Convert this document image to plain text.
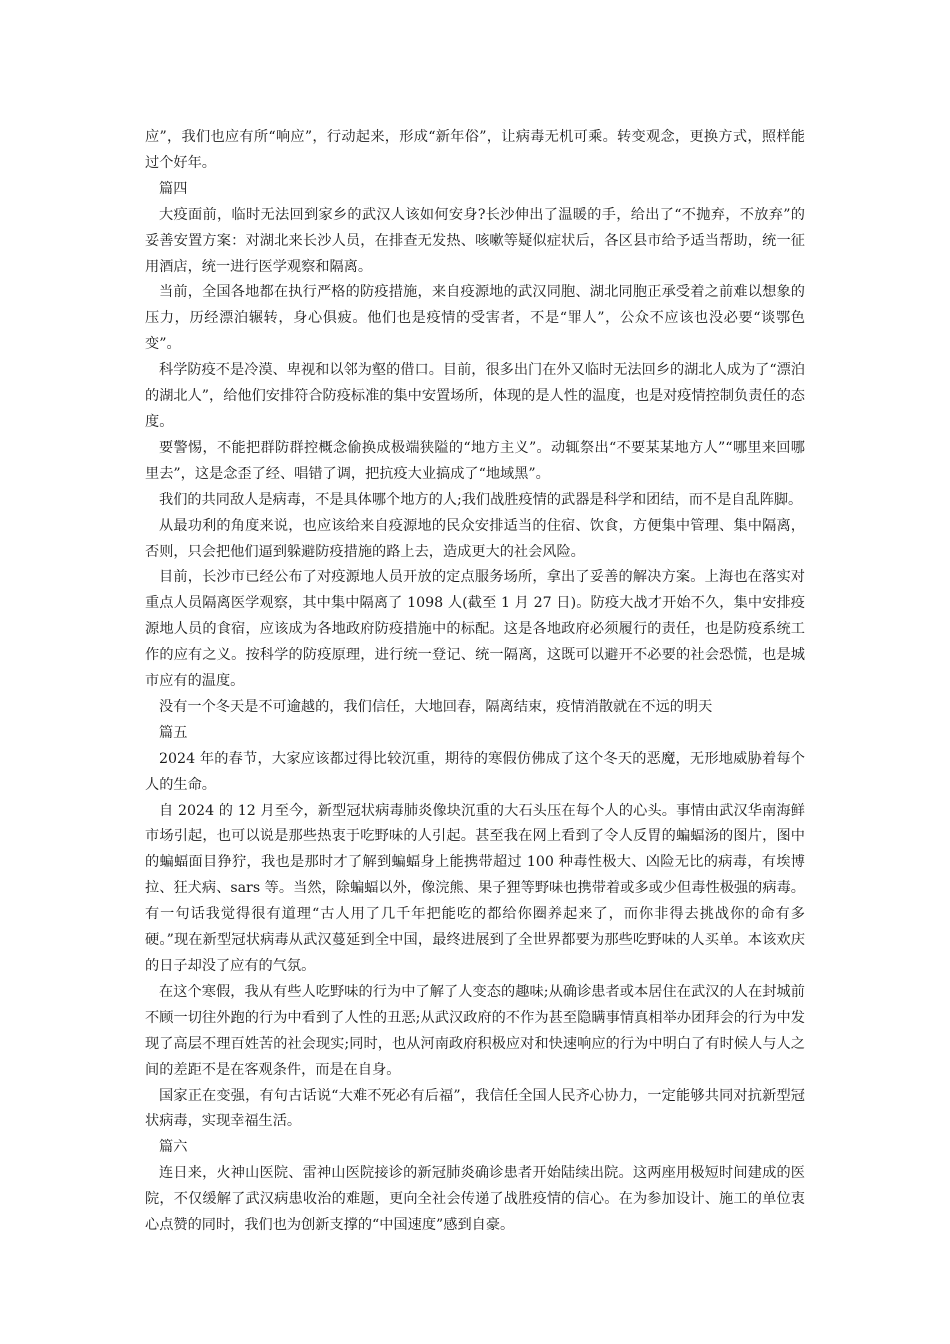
应”，我们也应有所“响应”，行动起来，形成“新年俗”，让病毒无机可乘。转变观念，更换方式，照样能过个好年。

篇四

大疫面前，临时无法回到家乡的武汉人该如何安身?长沙伸出了温暖的手，给出了“不抛弃，不放弃”的妥善安置方案：对湖北来长沙人员，在排查无发热、咳嗽等疑似症状后，各区县市给予适当帮助，统一征用酒店，统一进行医学观察和隔离。

当前，全国各地都在执行严格的防疫措施，来自疫源地的武汉同胞、湖北同胞正承受着之前难以想象的压力，历经漂泊辗转，身心俱疲。他们也是疫情的受害者，不是“罪人”，公众不应该也没必要“谈鄂色变”。

科学防疫不是冷漠、卑视和以邻为壑的借口。目前，很多出门在外又临时无法回乡的湖北人成为了“漂泊的湖北人”，给他们安排符合防疫标准的集中安置场所，体现的是人性的温度，也是对疫情控制负责任的态度。

要警惕，不能把群防群控概念偷换成极端狭隘的“地方主义”。动辄祭出“不要某某地方人”“哪里来回哪里去”，这是念歪了经、唱错了调，把抗疫大业搞成了“地域黑”。

我们的共同敌人是病毒，不是具体哪个地方的人;我们战胜疫情的武器是科学和团结，而不是自乱阵脚。

从最功利的角度来说，也应该给来自疫源地的民众安排适当的住宿、饮食，方便集中管理、集中隔离，否则，只会把他们逼到躲避防疫措施的路上去，造成更大的社会风险。

目前，长沙市已经公布了对疫源地人员开放的定点服务场所，拿出了妥善的解决方案。上海也在落实对重点人员隔离医学观察，其中集中隔离了 1098 人(截至 1 月 27 日)。防疫大战才开始不久，集中安排疫源地人员的食宿，应该成为各地政府防疫措施中的标配。这是各地政府必须履行的责任，也是防疫系统工作的应有之义。按科学的防疫原理，进行统一登记、统一隔离，这既可以避开不必要的社会恐慌，也是城市应有的温度。

没有一个冬天是不可逾越的，我们信任，大地回春，隔离结束，疫情消散就在不远的明天

篇五

2024 年的春节，大家应该都过得比较沉重，期待的寒假仿佛成了这个冬天的恶魔，无形地威胁着每个人的生命。

自 2024 的 12 月至今，新型冠状病毒肺炎像块沉重的大石头压在每个人的心头。事情由武汉华南海鲜市场引起，也可以说是那些热衷于吃野味的人引起。甚至我在网上看到了令人反胃的蝙蝠汤的图片，图中的蝙蝠面目狰狞，我也是那时才了解到蝙蝠身上能携带超过 100 种毒性极大、凶险无比的病毒，有埃博拉、狂犬病、sars 等。当然，除蝙蝠以外，像浣熊、果子狸等野味也携带着或多或少但毒性极强的病毒。有一句话我觉得很有道理“古人用了几千年把能吃的都给你圈养起来了，而你非得去挑战你的命有多硬。”现在新型冠状病毒从武汉蔓延到全中国，最终进展到了全世界都要为那些吃野味的人买单。本该欢庆的日子却没了应有的气氛。

在这个寒假，我从有些人吃野味的行为中了解了人变态的趣味;从确诊患者或本居住在武汉的人在封城前不顾一切往外跑的行为中看到了人性的丑恶;从武汉政府的不作为甚至隐瞒事情真相举办团拜会的行为中发现了高层不理百姓苦的社会现实;同时，也从河南政府积极应对和快速响应的行为中明白了有时候人与人之间的差距不是在客观条件，而是在自身。

国家正在变强，有句古话说“大难不死必有后福”，我信任全国人民齐心协力，一定能够共同对抗新型冠状病毒，实现幸福生活。

篇六

连日来，火神山医院、雷神山医院接诊的新冠肺炎确诊患者开始陆续出院。这两座用极短时间建成的医院，不仅缓解了武汉病患收治的难题，更向全社会传递了战胜疫情的信心。在为参加设计、施工的单位衷心点赞的同时，我们也为创新支撑的“中国速度”感到自豪。
